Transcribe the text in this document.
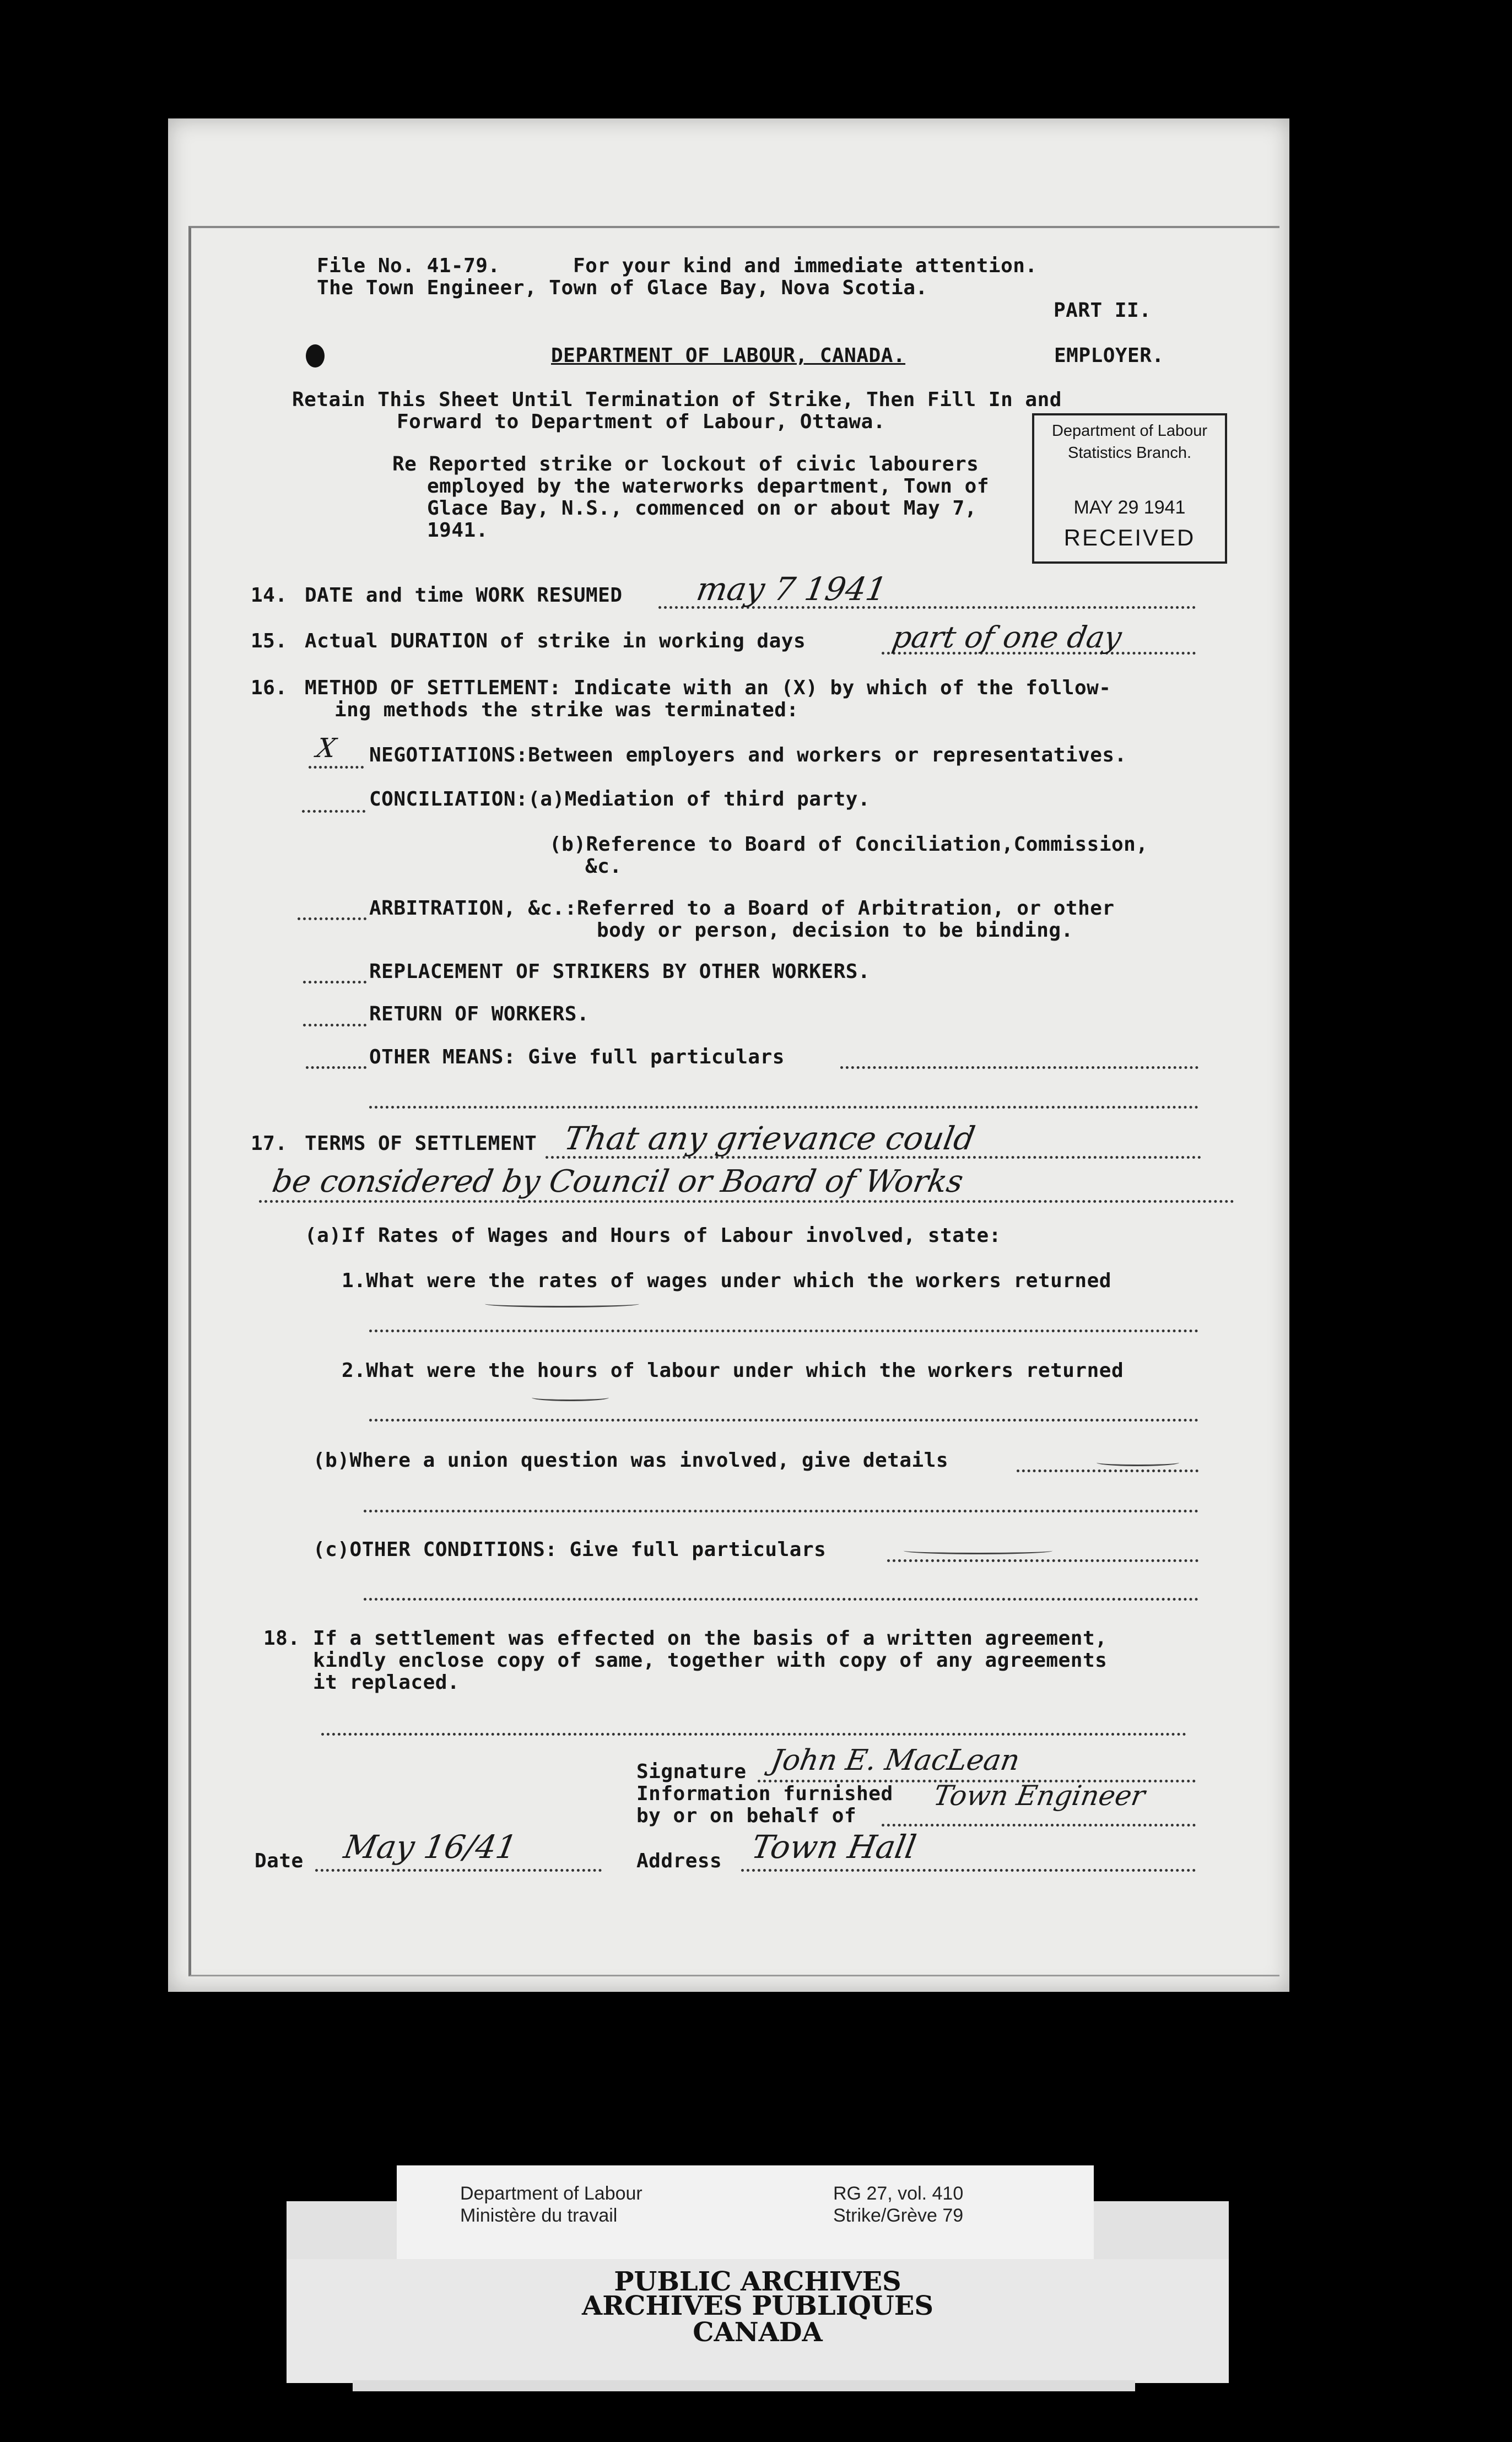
File No. 41-79.	For your kind and immediate attention.
The Town Engineer, Town of Glace Bay, Nova Scotia.
PART II.
DEPARTMENT OF LABOUR, CANADA.	EMPLOYER.
Retain This Sheet Until Termination of Strike, Then Fill In and
Forward to Department of Labour, Ottawa.
Re Reported strike or lockout of civic labourers
employed by the waterworks department, Town of
Glace Bay, N.S., commenced on or about May 7,
1941.
Department of Labour
Statistics Branch.
MAY 29 1941
RECEIVED
14. DATE and time WORK RESUMED may 7 1941
15. Actual DURATION of strike in working days	part of one day
16. METHOD OF SETTLEMENT: Indicate with an (X) by which of the follow-
ing methods the strike was terminated:
X NEGOTIATIONS:Between employers and workers or representatives.
CONCILIATION:(a)Mediation of third party.
(b)Reference to Board of Conciliation,Commission,
&c.
ARBITRATION, &c.:Referred to a Board of Arbitration, or other
body or person, decision to be binding.
REPLACEMENT OF STRIKERS BY OTHER WORKERS.
RETURN OF WORKERS.
OTHER MEANS: Give full particulars
17. TERMS OF SETTLEMENT That any grievance could
be considered by Council or Board of Works
(a)If Rates of Wages and Hours of Labour involved, state:
1.What were the rates of wages under which the workers returned
2.What were the hours of labour under which the workers returned
(b)Where a union question was involved, give details
(c)OTHER CONDITIONS: Give full particulars
18. If a settlement was effected on the basis of a written agreement,
kindly enclose copy of same, together with copy of any agreements
it replaced.
Signature John E. MacLean
Information furnished
by or on behalf of
Town Engineer
Date May 16/41	Address Town Hall
Department of Labour
Ministère du travail
RG 27, vol. 410
Strike/Grève 79
PUBLIC ARCHIVES
ARCHIVES PUBLIQUES
CANADA
